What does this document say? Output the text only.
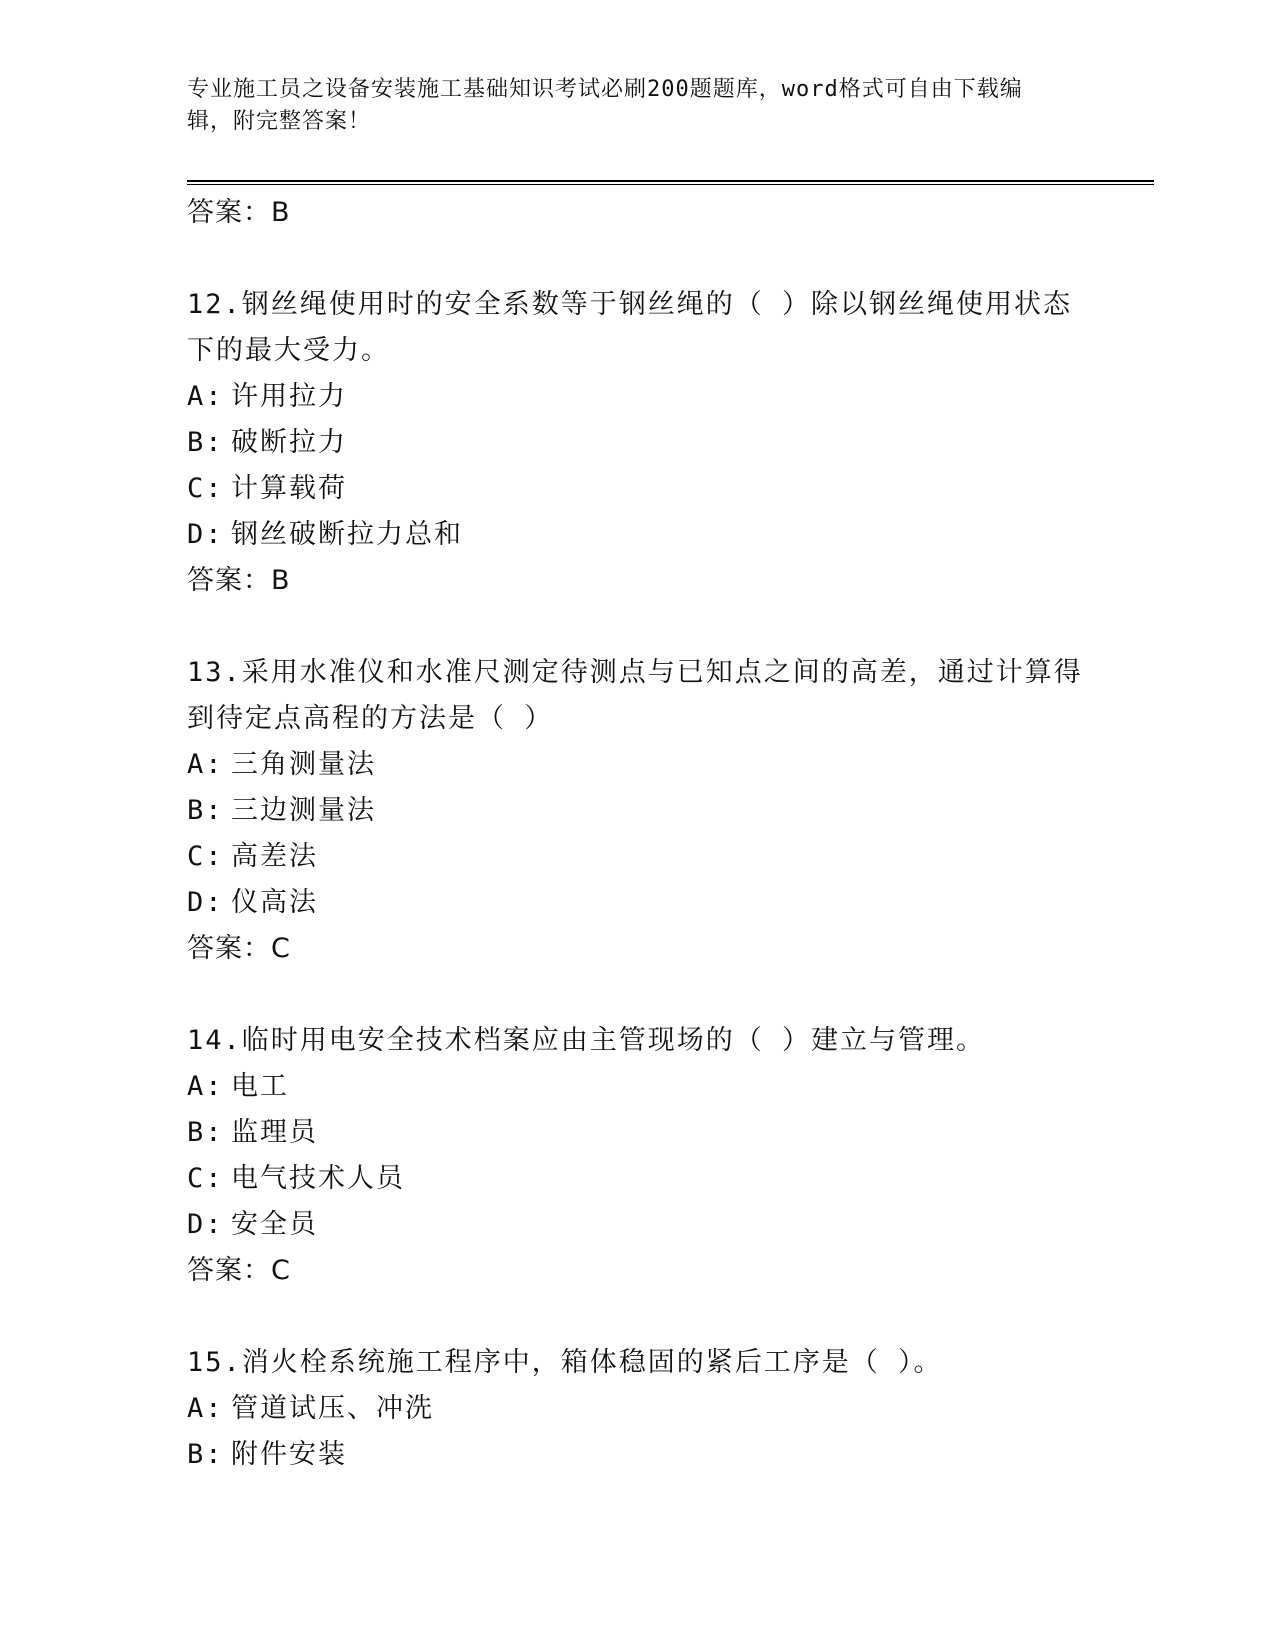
专业施工员之设备安装施工基础知识考试必刷200题题库，word格式可自由下载编辑，附完整答案！
答案：B
12.钢丝绳使用时的安全系数等于钢丝绳的（ ）除以钢丝绳使用状态下的最大受力。
A: 许用拉力
B: 破断拉力
C: 计算载荷
D: 钢丝破断拉力总和
答案：B
13.采用水准仪和水准尺测定待测点与已知点之间的高差，通过计算得到待定点高程的方法是（ ）
A: 三角测量法
B: 三边测量法
C: 高差法
D: 仪高法
答案：C
14.临时用电安全技术档案应由主管现场的（ ）建立与管理。
A: 电工
B: 监理员
C: 电气技术人员
D: 安全员
答案：C
15.消火栓系统施工程序中，箱体稳固的紧后工序是（ ）。
A: 管道试压、冲洗
B: 附件安装
